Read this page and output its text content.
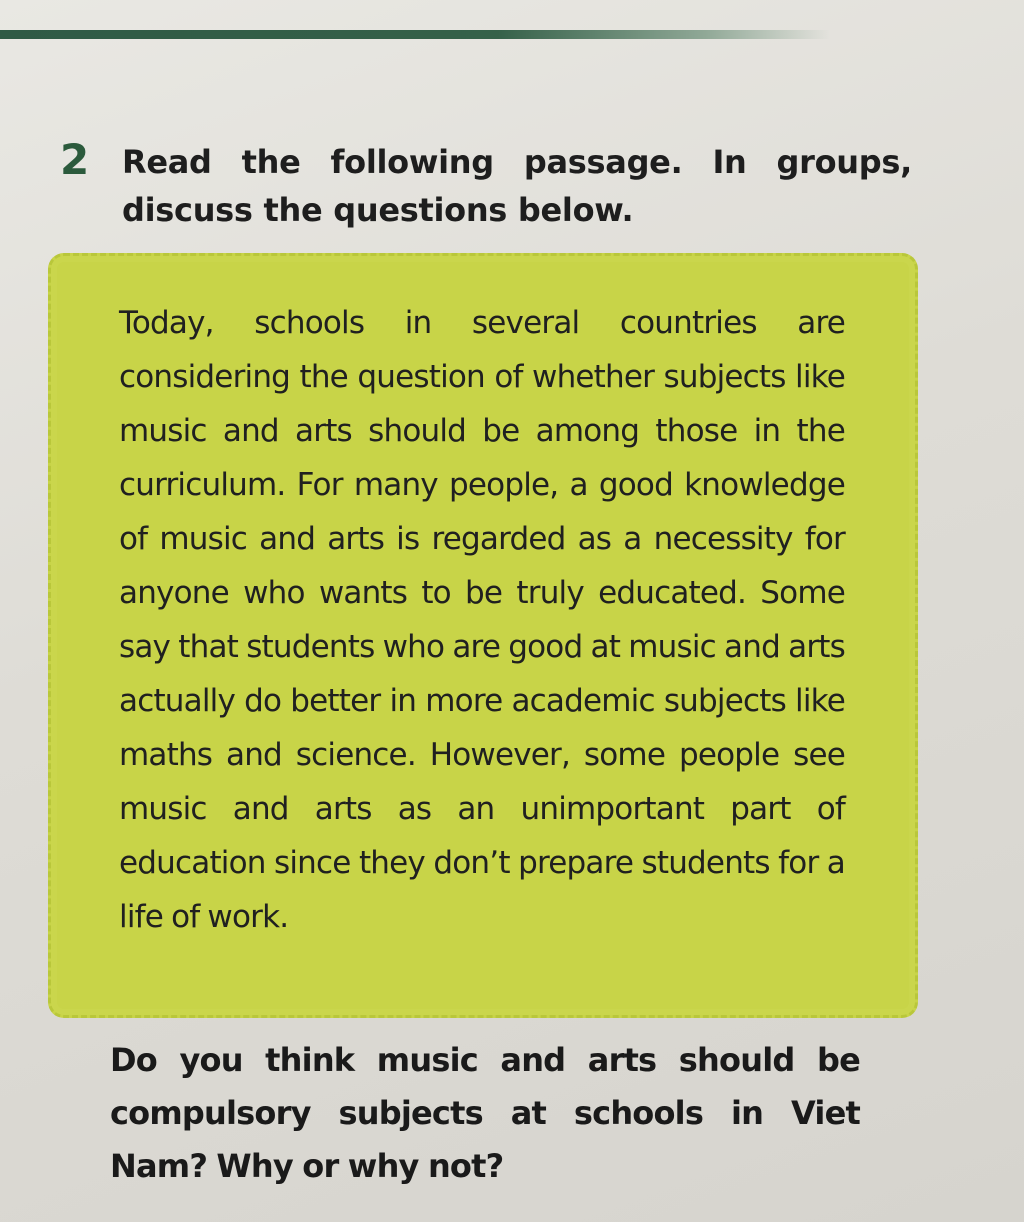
2 Read the following passage. In groups, discuss the questions below.

Today, schools in several countries are considering the question of whether subjects like music and arts should be among those in the curriculum. For many people, a good knowledge of music and arts is regarded as a necessity for anyone who wants to be truly educated. Some say that students who are good at music and arts actually do better in more academic subjects like maths and science. However, some people see music and arts as an unimportant part of education since they don’t prepare students for a life of work.

Do you think music and arts should be compulsory subjects at schools in Viet Nam? Why or why not?
